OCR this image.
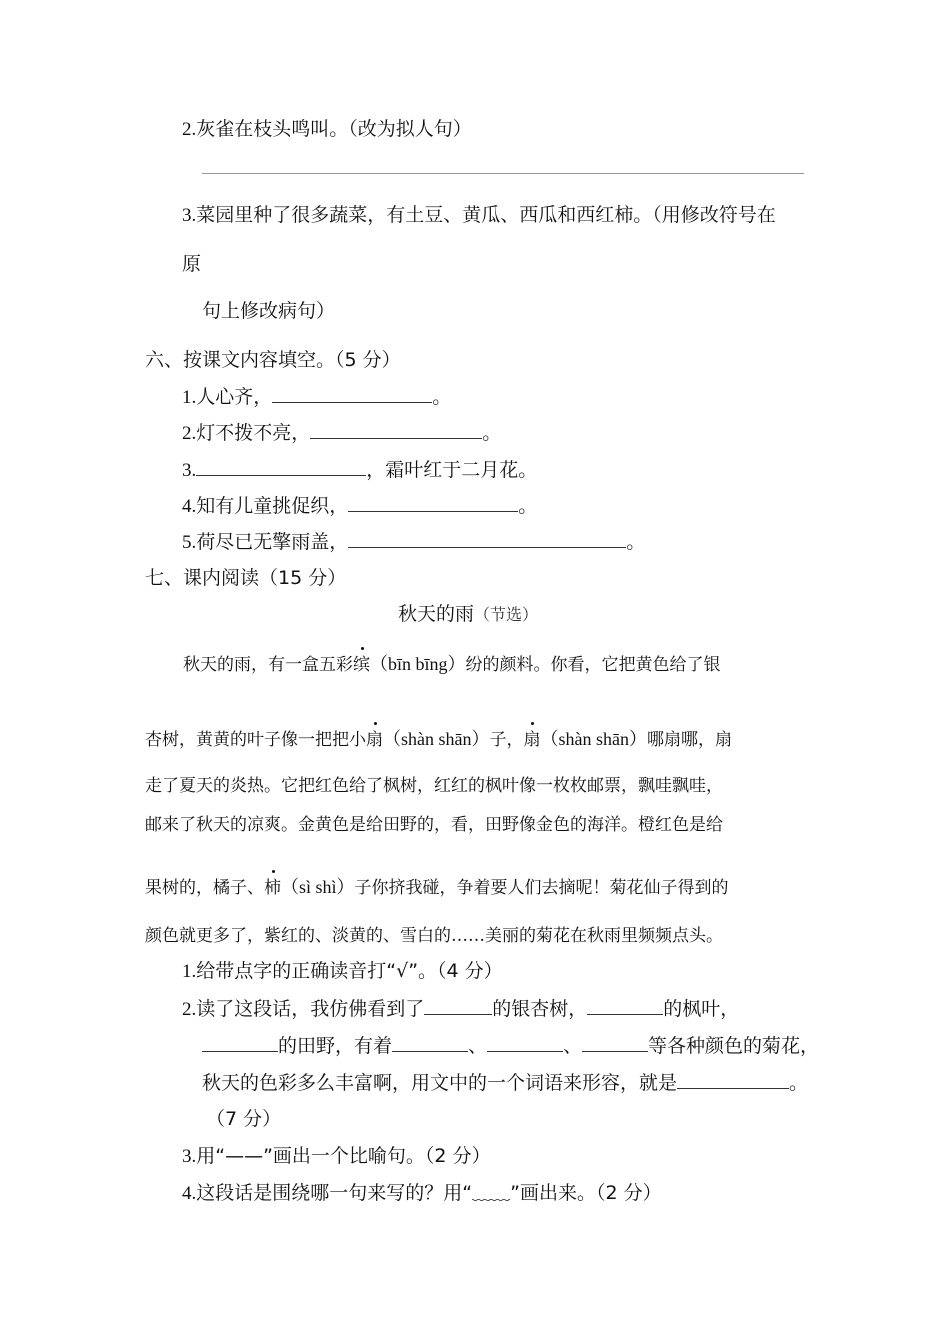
2.灰雀在枝头鸣叫。（改为拟人句）
3.菜园里种了很多蔬菜，有土豆、黄瓜、西瓜和西红柿。（用修改符号在
原
句上修改病句）
六、按课文内容填空。（5 分）
1.人心齐，	。
2.灯不拨不亮，	。
3.	，霜叶红于二月花。
4.知有儿童挑促织，	。
5.荷尽已无擎雨盖，	。
七、课内阅读（15 分）
秋天的雨（节选）
秋天的雨，有一盒五彩缤（bīn bīng）纷的颜料。你看，它把黄色给了银
杏树，黄黄的叶子像一把把小扇（shàn shān）子，扇（shàn shān）哪扇哪，扇
走了夏天的炎热。它把红色给了枫树，红红的枫叶像一枚枚邮票，飘哇飘哇，
邮来了秋天的凉爽。金黄色是给田野的，看，田野像金色的海洋。橙红色是给
果树的，橘子、柿（sì shì）子你挤我碰，争着要人们去摘呢！菊花仙子得到的
颜色就更多了，紫红的、淡黄的、雪白的……美丽的菊花在秋雨里频频点头。
1.给带点字的正确读音打“√”。（4 分）
2.读了这段话，我仿佛看到了	的银杏树，	的枫叶，
的田野，有着	、	、	等各种颜色的菊花，
秋天的色彩多么丰富啊，用文中的一个词语来形容，就是	。
（7 分）
3.用“——”画出一个比喻句。（2 分）
4.这段话是围绕哪一句来写的？用“﹏﹏”画出来。（2 分）
